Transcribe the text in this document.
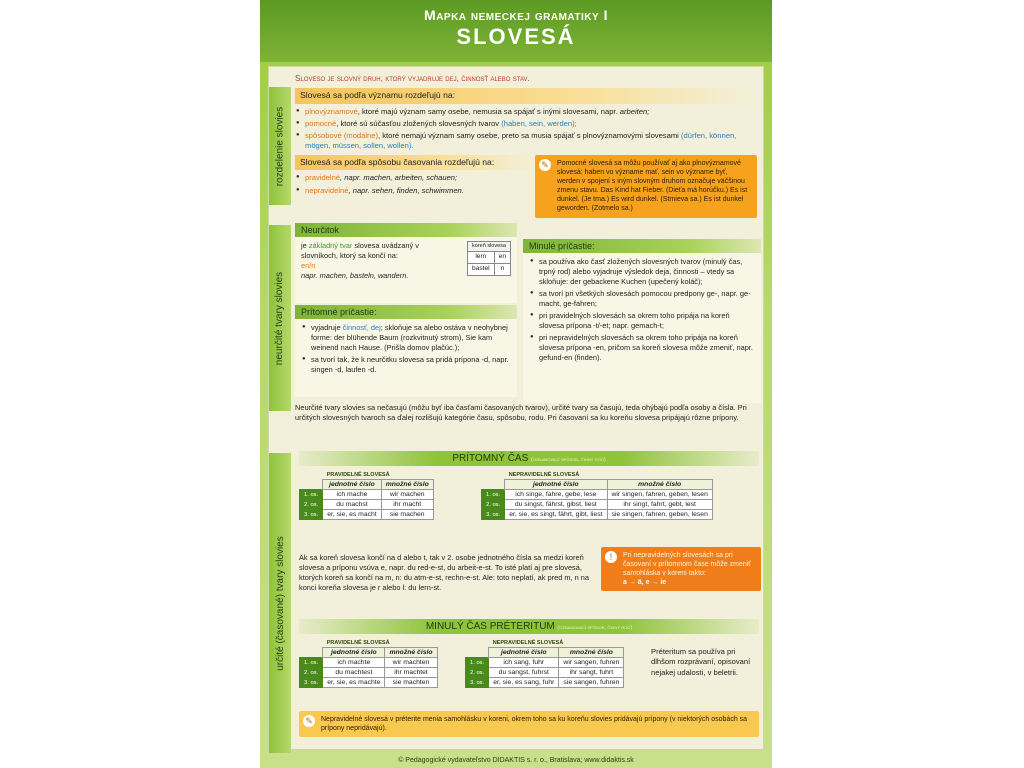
Mapka nemeckej gramatiky I
SLOVESÁ
rozdelenie slovies
Sloveso je slovný druh, ktorý vyjadruje dej, činnosť alebo stav.
Slovesá sa podľa významu rozdeľujú na:
● plnovýznamové, ktoré majú význam samy osebe, nemusia sa spájať s inými slovesami, napr. arbeiten;
● pomocné, ktoré sú súčasťou zložených slovesných tvarov (haben, sein, werden);
● spôsobové (modálne), ktoré nemajú význam samy osebe, preto sa musia spájať s plnovýznamovými slovesami (dürfen, können, mögen, müssen, sollen, wollen).
Slovesá sa podľa spôsobu časovania rozdeľujú na:
● pravidelné, napr. machen, arbeiten, schauen;
● nepravidelné, napr. sehen, finden, schwimmen.
✎	Pomocné slovesá sa môžu používať aj ako plnovýznamové slovesá: haben vo význame mať, sein vo význame byť, werden v spojení s iným slovným druhom označuje väčšinou zmenu stavu. Das Kind hat Fieber. (Dieťa má horúčku.) Es ist dunkel. (Je tma.) Es wird dunkel. (Stmieva sa.) Es ist dunkel geworden. (Zotmelo sa.)
neurčité tvary slovies
Neurčitok
je základný tvar slovesa uvádzaný v slovníkoch, ktorý sa končí na:
en/n
napr. machen, basteln, wandern.
koreň slovesa	
lern	en
bastel	n
Prítomné príčastie:
● vyjadruje činnosť, dej; skloňuje sa alebo ostáva v neohybnej forme: der blühende Baum (rozkvitnutý strom), Sie kam weinend nach Hause. (Prišla domov plačúc.);
● sa tvorí tak, že k neurčitku slovesa sa pridá prípona -d, napr. singen -d, laufen -d.
Minulé príčastie:
● sa používa ako časť zložených slovesných tvarov (minulý čas, trpný rod) alebo vyjadruje výsledok deja, činnosti – vtedy sa skloňuje: der gebackene Kuchen (upečený koláč);
● sa tvorí pri všetkých slovesách pomocou predpony ge-, napr. ge-macht, ge-fahren;
● pri pravidelných slovesách sa okrem toho pripája na koreň slovesa prípona -t/-et; napr. gemach-t;
● pri nepravidelných slovesách sa okrem toho pripája na koreň slovesa prípona -en, pričom sa koreň slovesa môže zmeniť, napr. gefund-en (finden).
Neurčité tvary slovies sa nečasujú (môžu byť iba časťami časovaných tvarov), určité tvary sa časujú, teda ohýbajú podľa osoby a čísla. Pri určitých slovesných tvaroch sa ďalej rozlišujú kategórie času, spôsobu, rodu. Pri časovaní sa ku koreňu slovesa pripájajú rôzne prípony.
určité (časované) tvary slovies
PRÍTOMNÝ ČAS (oznamovací spôsob, činný rod)
	PRAVIDELNÉ SLOVESÁ	
	jednotné číslo	množné číslo
1. os.	ich mache	wir machen
2. os.	du machst	ihr macht
3. os.	er, sie, es macht	sie machen
	NEPRAVIDELNÉ SLOVESÁ	
	jednotné číslo	množné číslo
1. os.	ich singe, fahre, gebe, lese	wir singen, fahren, geben, lesen
2. os.	du singst, fährst, gibst, liest	ihr singt, fahrt, gebt, lest
3. os.	er, sie, es singt, fährt, gibt, liest	sie singen, fahren, geben, lesen
Ak sa koreň slovesa končí na d alebo t, tak v 2. osobe jednotného čísla sa medzi koreň slovesa a príponu vsúva e, napr. du red-e-st, du arbeit-e-st. To isté platí aj pre slovesá, ktorých koreň sa končí na m, n: du atm-e-st, rechn-e-st. Ale: toto neplatí, ak pred m, n na konci koreňa slovesa je r alebo l: du lern-st.
!	Pri nepravidelných slovesách sa pri časovaní v prítomnom čase môže zmeniť samohláska v koreni takto:
a → ä, e → ie
MINULÝ ČAS PRÉTERITUM (oznamovací spôsob, činný rod)
	PRAVIDELNÉ SLOVESÁ	
	jednotné číslo	množné číslo
1. os.	ich machte	wir machten
2. os.	du machtest	ihr machtet
3. os.	er, sie, es machte	sie machten
	NEPRAVIDELNÉ SLOVESÁ	
	jednotné číslo	množné číslo
1. os.	ich sang, fuhr	wir sangen, fuhren
2. os.	du sangst, fuhrst	ihr sangt, fuhrt
3. os.	er, sie, es sang, fuhr	sie sangen, fuhren
Préteritum sa používa pri dlhšom rozprávaní, opisovaní nejakej udalosti, v beletrii.
✎	Nepravidelné slovesá v préterite menia samohlásku v koreni, okrem toho sa ku koreňu slovies pridávajú prípony (v niektorých osobách sa prípony nepridávajú).
© Pedagogické vydavateľstvo DIDAKTIS s. r. o., Bratislava; www.didaktis.sk
